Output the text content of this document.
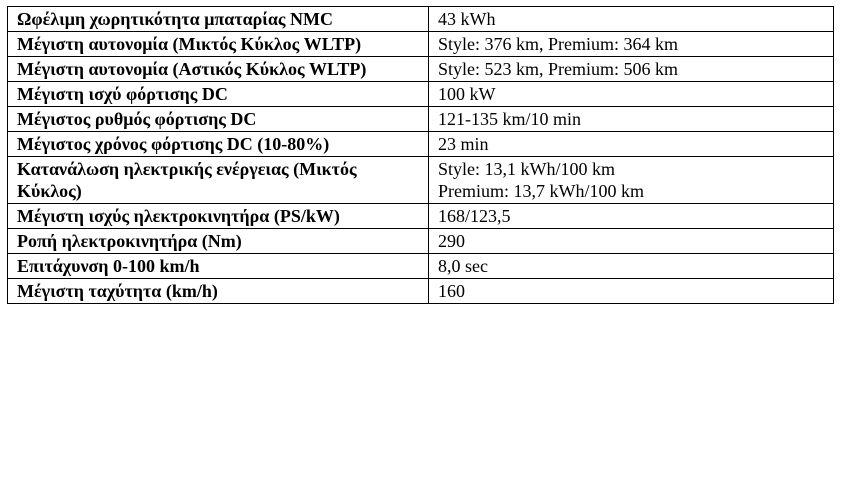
Ωφέλιμη χωρητικότητα μπαταρίας NMC	43 kWh

Μέγιστη αυτονομία (Μικτός Κύκλος WLTP)	Style: 376 km, Premium: 364 km

Μέγιστη αυτονομία (Αστικός Κύκλος WLTP)	Style: 523 km, Premium: 506 km

Μέγιστη ισχύ φόρτισης DC	100 kW

Μέγιστος ρυθμός φόρτισης DC	121-135 km/10 min

Μέγιστος χρόνος φόρτισης DC (10-80%)	23 min

Κατανάλωση ηλεκτρικής ενέργειας (Μικτός Κύκλος)	Style: 13,1 kWh/100 km
Premium: 13,7 kWh/100 km

Μέγιστη ισχύς ηλεκτροκινητήρα (PS/kW)	168/123,5

Ροπή ηλεκτροκινητήρα (Nm)	290

Επιτάχυνση 0-100 km/h	8,0 sec

Μέγιστη ταχύτητα (km/h)	160
